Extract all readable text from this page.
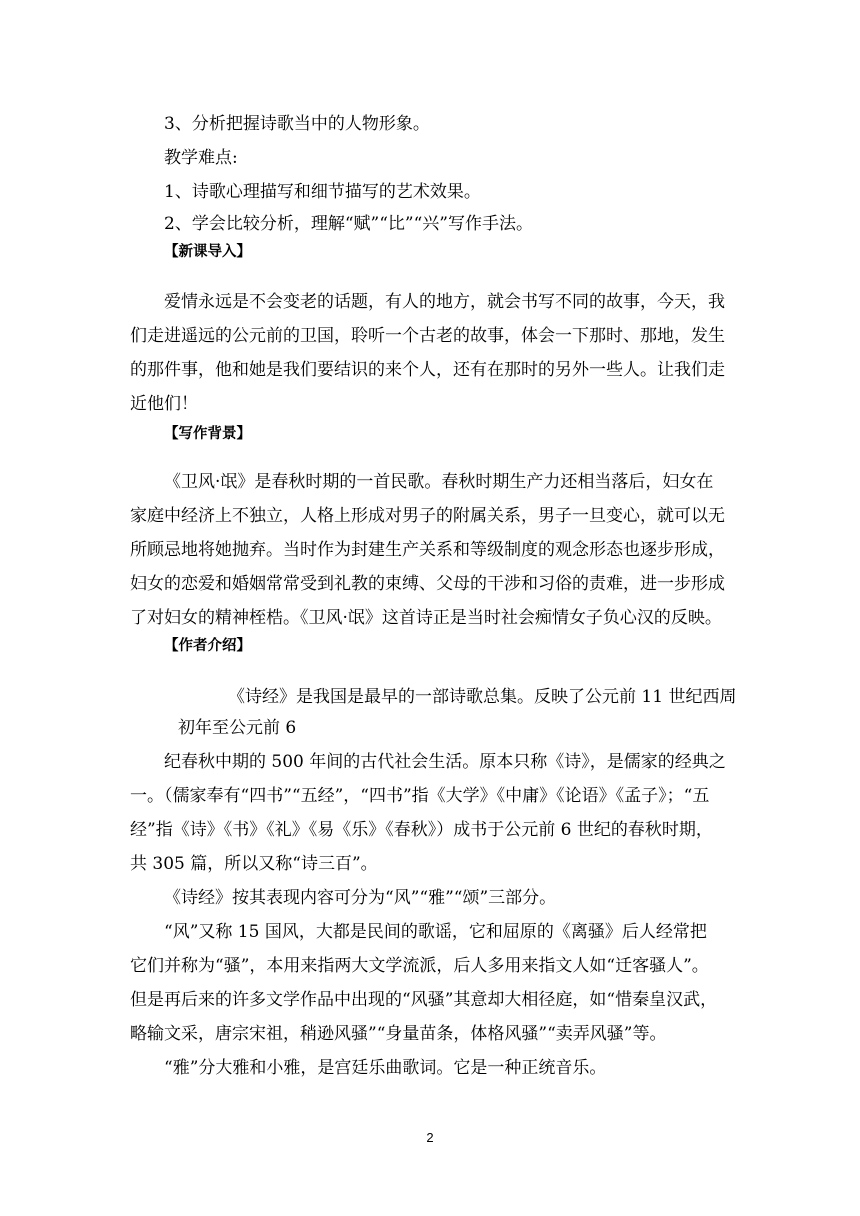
3、分析把握诗歌当中的人物形象。
教学难点:
1、诗歌心理描写和细节描写的艺术效果。
2、学会比较分析，理解“赋”“比”“兴”写作手法。
【新课导入】
爱情永远是不会变老的话题，有人的地方，就会书写不同的故事，今天，我
们走进遥远的公元前的卫国，聆听一个古老的故事，体会一下那时、那地，发生
的那件事，他和她是我们要结识的来个人，还有在那时的另外一些人。让我们走
近他们！
【写作背景】
《卫风·氓》是春秋时期的一首民歌。春秋时期生产力还相当落后，妇女在
家庭中经济上不独立，人格上形成对男子的附属关系，男子一旦变心，就可以无
所顾忌地将她抛弃。当时作为封建生产关系和等级制度的观念形态也逐步形成，
妇女的恋爱和婚姻常常受到礼教的束缚、父母的干涉和习俗的责难，进一步形成
了对妇女的精神桎梏。《卫风·氓》这首诗正是当时社会痴情女子负心汉的反映。
【作者介绍】
《诗经》是我国是最早的一部诗歌总集。反映了公元前 11 世纪西周
初年至公元前 6
纪春秋中期的 500 年间的古代社会生活。原本只称《诗》，是儒家的经典之
一。（儒家奉有“四书”“五经”，“四书”指《大学》《中庸》《论语》《孟子》；“五
经”指《诗》《书》《礼》《易《乐》《春秋》）成书于公元前 6 世纪的春秋时期，
共 305 篇，所以又称“诗三百”。
《诗经》按其表现内容可分为“风”“雅”“颂”三部分。
“风”又称 15 国风，大都是民间的歌谣，它和屈原的《离骚》后人经常把
它们并称为“骚”，本用来指两大文学流派，后人多用来指文人如“迁客骚人”。
但是再后来的许多文学作品中出现的“风骚”其意却大相径庭，如“惜秦皇汉武，
略输文采，唐宗宋祖，稍逊风骚”“身量苗条，体格风骚”“卖弄风骚”等。
“雅”分大雅和小雅，是宫廷乐曲歌词。它是一种正统音乐。
2
